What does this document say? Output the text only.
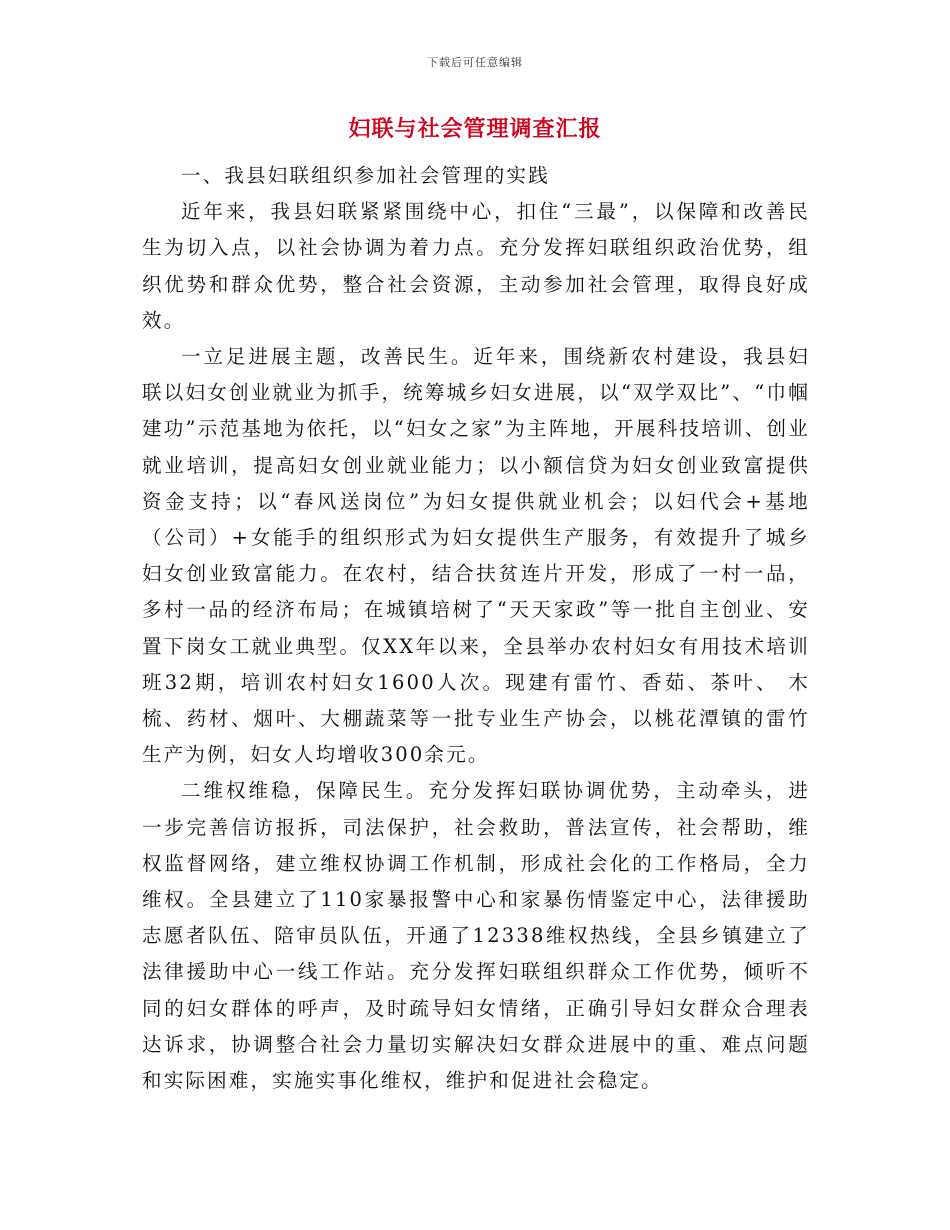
下载后可任意编辑
妇联与社会管理调查汇报

一、我县妇联组织参加社会管理的实践

近年来，我县妇联紧紧围绕中心，扣住“三最”，以保障和改善民生为切入点，以社会协调为着力点。充分发挥妇联组织政治优势，组织优势和群众优势，整合社会资源，主动参加社会管理，取得良好成效。

一立足进展主题，改善民生。近年来，围绕新农村建设，我县妇联以妇女创业就业为抓手，统筹城乡妇女进展，以“双学双比”、“巾帼建功”示范基地为依托，以“妇女之家”为主阵地，开展科技培训、创业就业培训，提高妇女创业就业能力；以小额信贷为妇女创业致富提供资金支持；以“春风送岗位”为妇女提供就业机会；以妇代会+基地（公司）+女能手的组织形式为妇女提供生产服务，有效提升了城乡妇女创业致富能力。在农村，结合扶贫连片开发，形成了一村一品，多村一品的经济布局；在城镇培树了“天天家政”等一批自主创业、安置下岗女工就业典型。仅XX年以来，全县举办农村妇女有用技术培训班32期，培训农村妇女1600人次。现建有雷竹、香茹、茶叶、 木梳、药材、烟叶、大棚蔬菜等一批专业生产协会，以桃花潭镇的雷竹生产为例，妇女人均增收300余元。

二维权维稳，保障民生。充分发挥妇联协调优势，主动牵头，进一步完善信访报拆，司法保护，社会救助，普法宣传，社会帮助，维权监督网络，建立维权协调工作机制，形成社会化的工作格局，全力维权。全县建立了110家暴报警中心和家暴伤情鉴定中心，法律援助志愿者队伍、陪审员队伍，开通了12338维权热线，全县乡镇建立了法律援助中心一线工作站。充分发挥妇联组织群众工作优势，倾听不同的妇女群体的呼声，及时疏导妇女情绪，正确引导妇女群众合理表达诉求，协调整合社会力量切实解决妇女群众进展中的重、难点问题和实际困难，实施实事化维权，维护和促进社会稳定。
